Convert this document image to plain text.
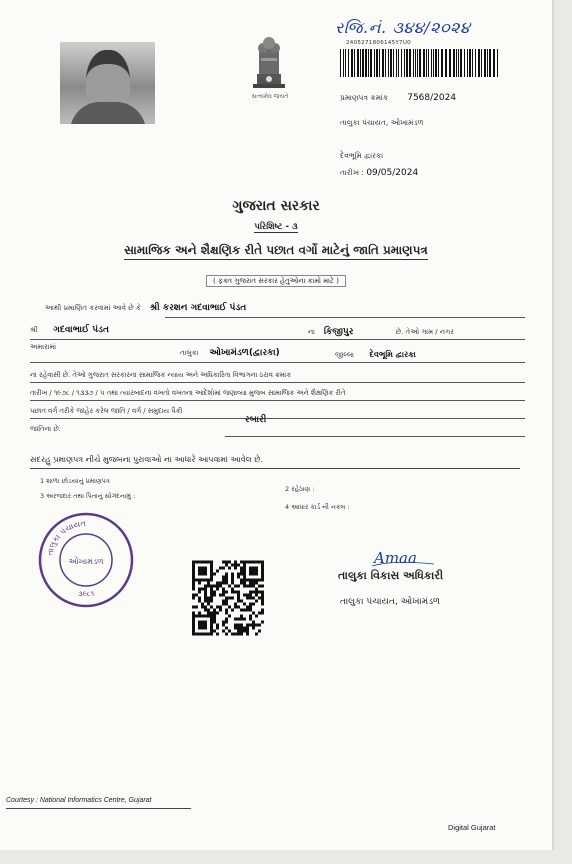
સત્યમેવ જયતે
રજિ.નં. ૩૪૪/૨૦૨૪
2405271806145Y7U0
પ્રમાણપત્ર ક્રમાંક 7568/2024
તાલુકા પંચાયત, ઓખામંડળ
દેવભૂમિ દ્વારકા
તારીખ : 09/05/2024
ગુજરાત સરકાર
પરિશિષ્ટ - ૩
સામાજિક અને શૈક્ષણિક રીતે પછાત વર્ગો માટેનું જાતિ પ્રમાણપત્ર
( ફક્ત ગુજરાત સરકાર હેતુઓના કામો માટે )
આથી પ્રમાણિત કરવામાં આવે છે કે શ્રી કરશન ગદવાભાઈ પંડત
શ્રી ગદવાભાઈ પંડત	ના કિજીપુર	છે. તેઓ ગામ / નગર
અમારામાં
તાલુકા ઓખામંડળ(દ્વારકા)	જીલ્લા દેવભૂમિ દ્વારકા
ના રહેવાસી છે. તેઓ ગુજરાત સરકારના સામાજિક ન્યાય અને અધિકારિતા વિભાગના ઠરાવ ક્રમાંક
તારીખ / ૧૯૭૮ / ૧૩૩૭ / ૫ તથા ત્યારબાદના વખતો વખતના આદેશોમાં જણાવ્યા મુજબ સામાજિક અને શૈક્ષણિક રીતે
પછાત વર્ગ તરીકે જાહેર કરેલ જાતિ / વર્ગ / સમુદાય પૈકી
જાતિના છે.
રબારી
સદરહુ પ્રમાણપત્ર નીચે મુજબના પુરાવાઓ ના આધારે આપવામાં આવેલ છે.
1 શાળા છોડયાનું પ્રમાણપત્ર
2 રહેઠાણ :
3 અરજદાર તથા પિતાનું સોગંદનામું :
4 આધાર કાર્ડ ની નકલ :
તાલુકા પંચાયત
ઓખામંડળ
૩૯૮૧
Amaa
તાલુકા વિકાસ અધિકારી
તાલુકા પંચાયત, ઓખામંડળ
Courtesy : National Informatics Centre, Gujarat
Digital Gujarat
